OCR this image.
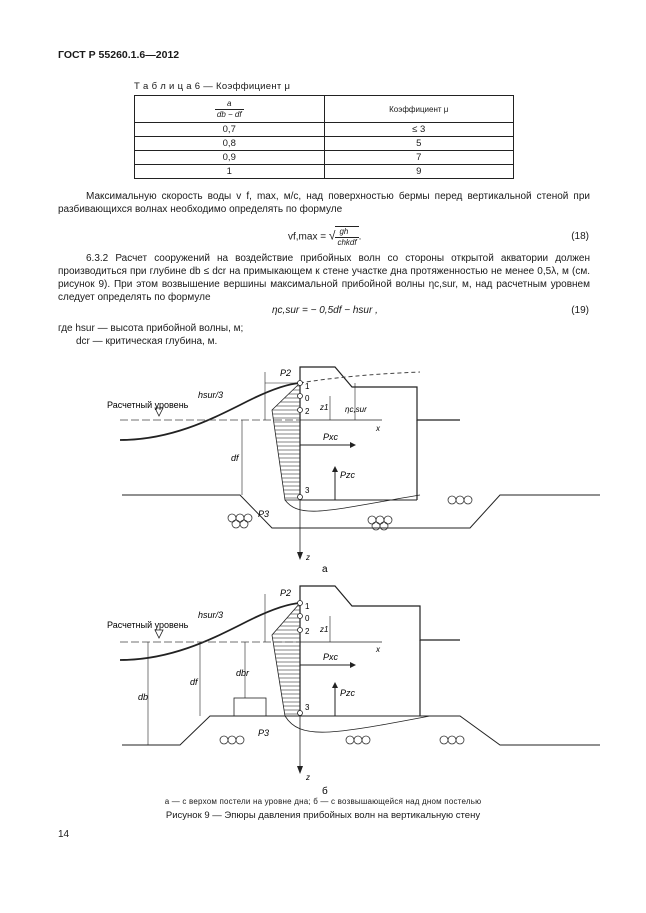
ГОСТ Р 55260.1.6—2012
Т а б л и ц а 6 — Коэффициент μ
$\frac{a}{db - df}$	Коэффициент μ
0,7	≤ 3
0,8	5
0,9	7
1	9

Максимальную скорость воды v f, max, м/с, над поверхностью бермы перед вертикальной стеной при разбивающихся волнах необходимо определять по формуле

vf,max = √ $\frac{gh}{\text{chkdf}}$ .	(18)

6.3.2 Расчет сооружений на воздействие прибойных волн со стороны открытой акватории должен производиться при глубине db ≤ dcr на примыкающем к стене участке дна протяженностью не менее 0,5λ, м (см. рисунок 9). При этом возвышение вершины максимальной прибойной волны ηc,sur, м, над расчетным уровнем следует определять по формуле

ηc,sur = − 0,5df − hsur ,	(19)

где hsur — высота прибойной волны, м;

dcr — критическая глубина, м.

Расчетный уровень
hsur/3
P2
1
0
2
3
z1 ηc,sur
x
Pxc
Pzc
df
P3
z
а
Расчетный уровень
hsur/3
P2
1
0
2
3
z1
x
Pxc
Pzc
db
df
dbr
P3
z
б
а — с верхом постели на уровне дна; б — с возвышающейся над дном постелью
Рисунок 9 — Эпюры давления прибойных волн на вертикальную стену
14
